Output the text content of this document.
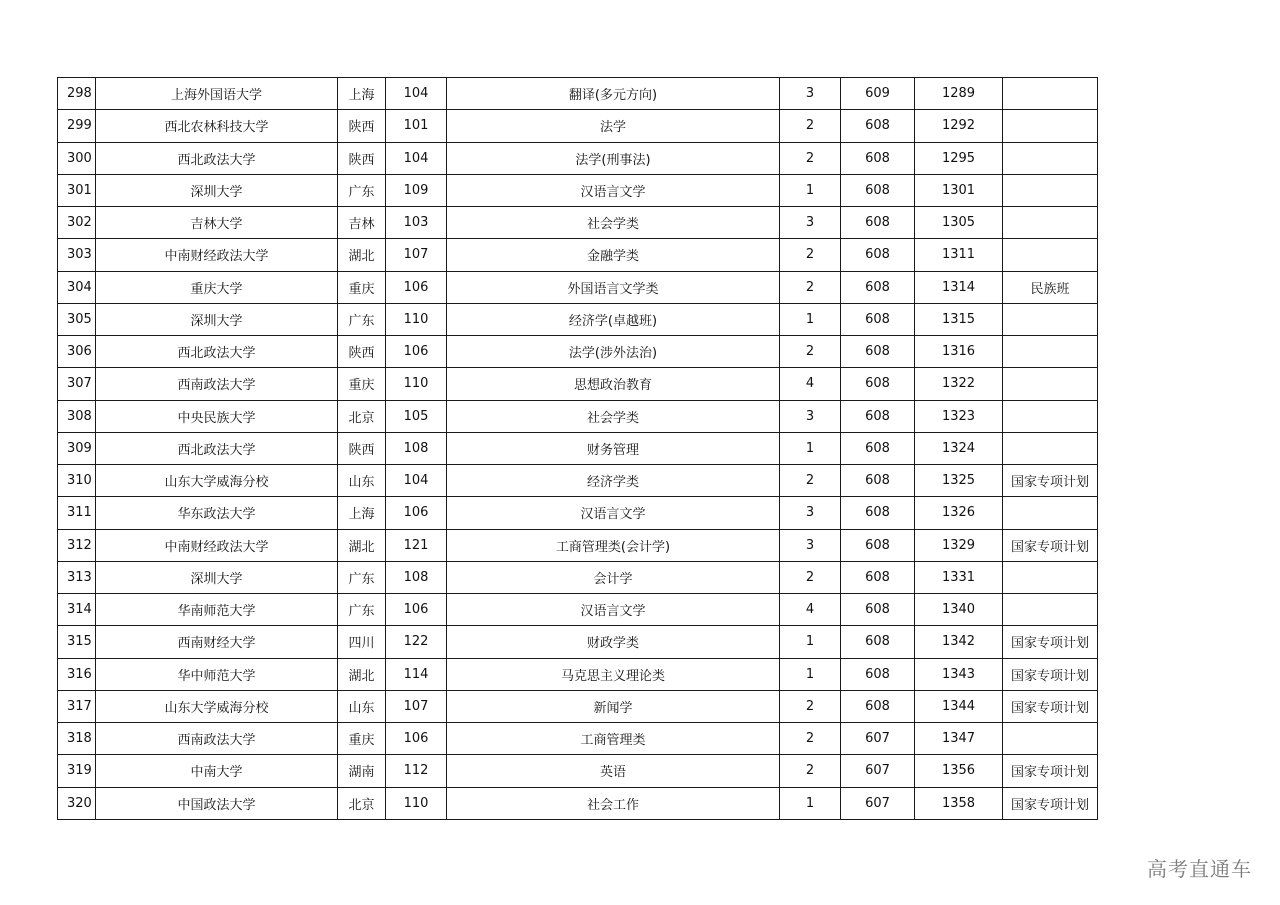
298	上海外国语大学	上海	104	翻译(多元方向)	3	609	1289	
299	西北农林科技大学	陕西	101	法学	2	608	1292	
300	西北政法大学	陕西	104	法学(刑事法)	2	608	1295	
301	深圳大学	广东	109	汉语言文学	1	608	1301	
302	吉林大学	吉林	103	社会学类	3	608	1305	
303	中南财经政法大学	湖北	107	金融学类	2	608	1311	
304	重庆大学	重庆	106	外国语言文学类	2	608	1314	民族班
305	深圳大学	广东	110	经济学(卓越班)	1	608	1315	
306	西北政法大学	陕西	106	法学(涉外法治)	2	608	1316	
307	西南政法大学	重庆	110	思想政治教育	4	608	1322	
308	中央民族大学	北京	105	社会学类	3	608	1323	
309	西北政法大学	陕西	108	财务管理	1	608	1324	
310	山东大学威海分校	山东	104	经济学类	2	608	1325	国家专项计划
311	华东政法大学	上海	106	汉语言文学	3	608	1326	
312	中南财经政法大学	湖北	121	工商管理类(会计学)	3	608	1329	国家专项计划
313	深圳大学	广东	108	会计学	2	608	1331	
314	华南师范大学	广东	106	汉语言文学	4	608	1340	
315	西南财经大学	四川	122	财政学类	1	608	1342	国家专项计划
316	华中师范大学	湖北	114	马克思主义理论类	1	608	1343	国家专项计划
317	山东大学威海分校	山东	107	新闻学	2	608	1344	国家专项计划
318	西南政法大学	重庆	106	工商管理类	2	607	1347	
319	中南大学	湖南	112	英语	2	607	1356	国家专项计划
320	中国政法大学	北京	110	社会工作	1	607	1358	国家专项计划
高考直通车
